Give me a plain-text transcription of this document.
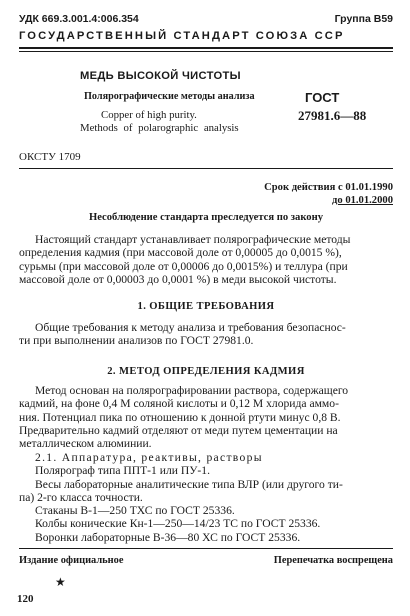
УДК 669.3.001.4:006.354	Группа В59
ГОСУДАРСТВЕННЫЙ СТАНДАРТ СОЮЗА ССР
МЕДЬ ВЫСОКОЙ ЧИСТОТЫ
Полярографические методы анализа
Copper of high purity.
Methods of polarographic analysis
ГОСТ
27981.6—88
ОКСТУ 1709
Срок действия с 01.01.1990
до 01.01.2000
Несоблюдение стандарта преследуется по закону
Настоящий стандарт устанавливает полярографические методы
определения кадмия (при массовой доле от 0,00005 до 0,0015 %),
сурьмы (при массовой доле от 0,00006 до 0,0015%) и теллура (при
массовой доле от 0,00003 до 0,0001 %) в меди высокой чистоты.
1. ОБЩИЕ ТРЕБОВАНИЯ
Общие требования к методу анализа и требования безопаснос-
ти при выполнении анализов по ГОСТ 27981.0.
2. МЕТОД ОПРЕДЕЛЕНИЯ КАДМИЯ
Метод основан на полярографировании раствора, содержащего
кадмий, на фоне 0,4 М соляной кислоты и 0,12 М хлорида аммо-
ния. Потенциал пика по отношению к донной ртути минус 0,8 В.
Предварительно кадмий отделяют от меди путем цементации на
металлическом алюминии.
2.1. Аппаратура, реактивы, растворы
Полярограф типа ППТ-1 или ПУ-1.
Весы лабораторные аналитические типа ВЛР (или другого ти-
па) 2-го класса точности.
Стаканы В-1—250 ТХС по ГОСТ 25336.
Колбы конические Кн-1—250—14/23 ТС по ГОСТ 25336.
Воронки лабораторные В-36—80 ХС по ГОСТ 25336.
Издание официальное	Перепечатка воспрещена
★
120
